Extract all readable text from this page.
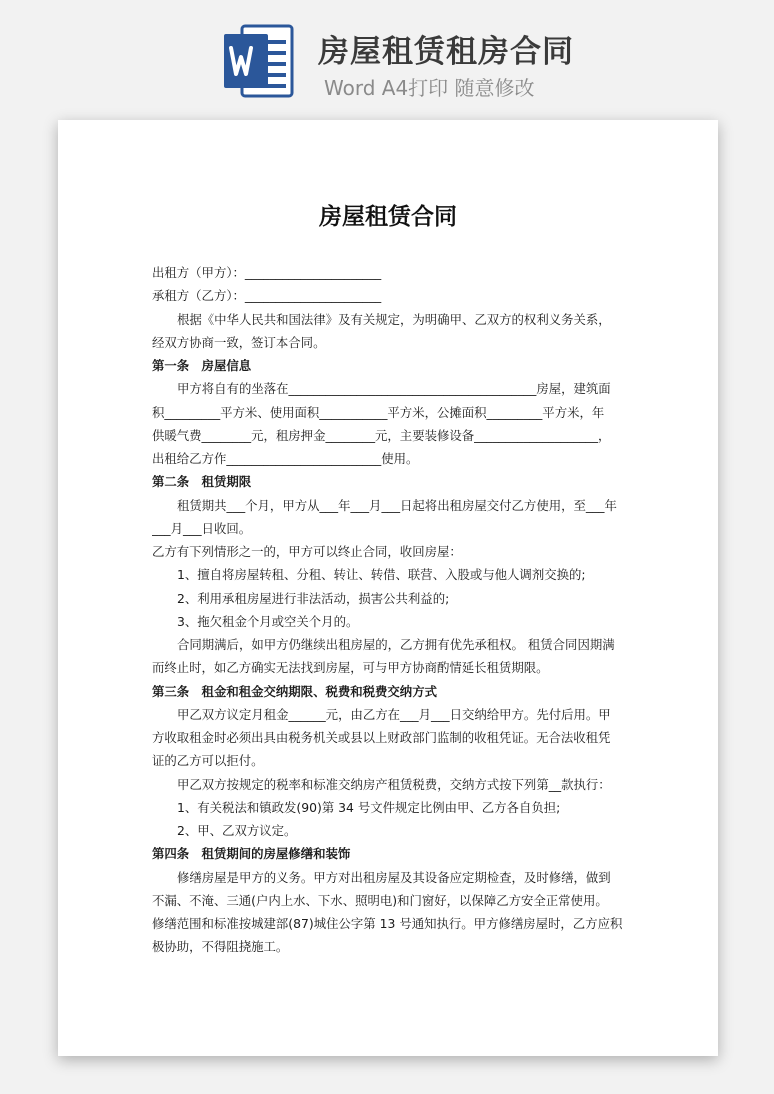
房屋租赁租房合同
Word A4打印 随意修改
房屋租赁合同
出租方（甲方）：______________________
承租方（乙方）：______________________
根据《中华人民共和国法律》及有关规定，为明确甲、乙双方的权利义务关系，
经双方协商一致，签订本合同。
第一条　房屋信息
甲方将自有的坐落在________________________________________房屋，建筑面
积_________平方米、使用面积___________平方米，公摊面积_________平方米，年
供暖气费________元，租房押金________元，主要装修设备____________________，
出租给乙方作_________________________使用。
第二条　租赁期限
租赁期共___个月，甲方从___年___月___日起将出租房屋交付乙方使用，至___年
___月___日收回。
乙方有下列情形之一的，甲方可以终止合同，收回房屋：
1、擅自将房屋转租、分租、转让、转借、联营、入股或与他人调剂交换的;
2、利用承租房屋进行非法活动，损害公共利益的;
3、拖欠租金个月或空关个月的。
合同期满后，如甲方仍继续出租房屋的，乙方拥有优先承租权。 租赁合同因期满
而终止时，如乙方确实无法找到房屋，可与甲方协商酌情延长租赁期限。
第三条　租金和租金交纳期限、税费和税费交纳方式
甲乙双方议定月租金______元，由乙方在___月___日交纳给甲方。先付后用。甲
方收取租金时必须出具由税务机关或县以上财政部门监制的收租凭证。无合法收租凭
证的乙方可以拒付。
甲乙双方按规定的税率和标准交纳房产租赁税费，交纳方式按下列第__款执行：
1、有关税法和镇政发(90)第 34 号文件规定比例由甲、乙方各自负担;
2、甲、乙双方议定。
第四条　租赁期间的房屋修缮和装饰
修缮房屋是甲方的义务。甲方对出租房屋及其设备应定期检查，及时修缮，做到
不漏、不淹、三通(户内上水、下水、照明电)和门窗好，以保障乙方安全正常使用。
修缮范围和标准按城建部(87)城住公字第 13 号通知执行。甲方修缮房屋时，乙方应积
极协助，不得阻挠施工。
